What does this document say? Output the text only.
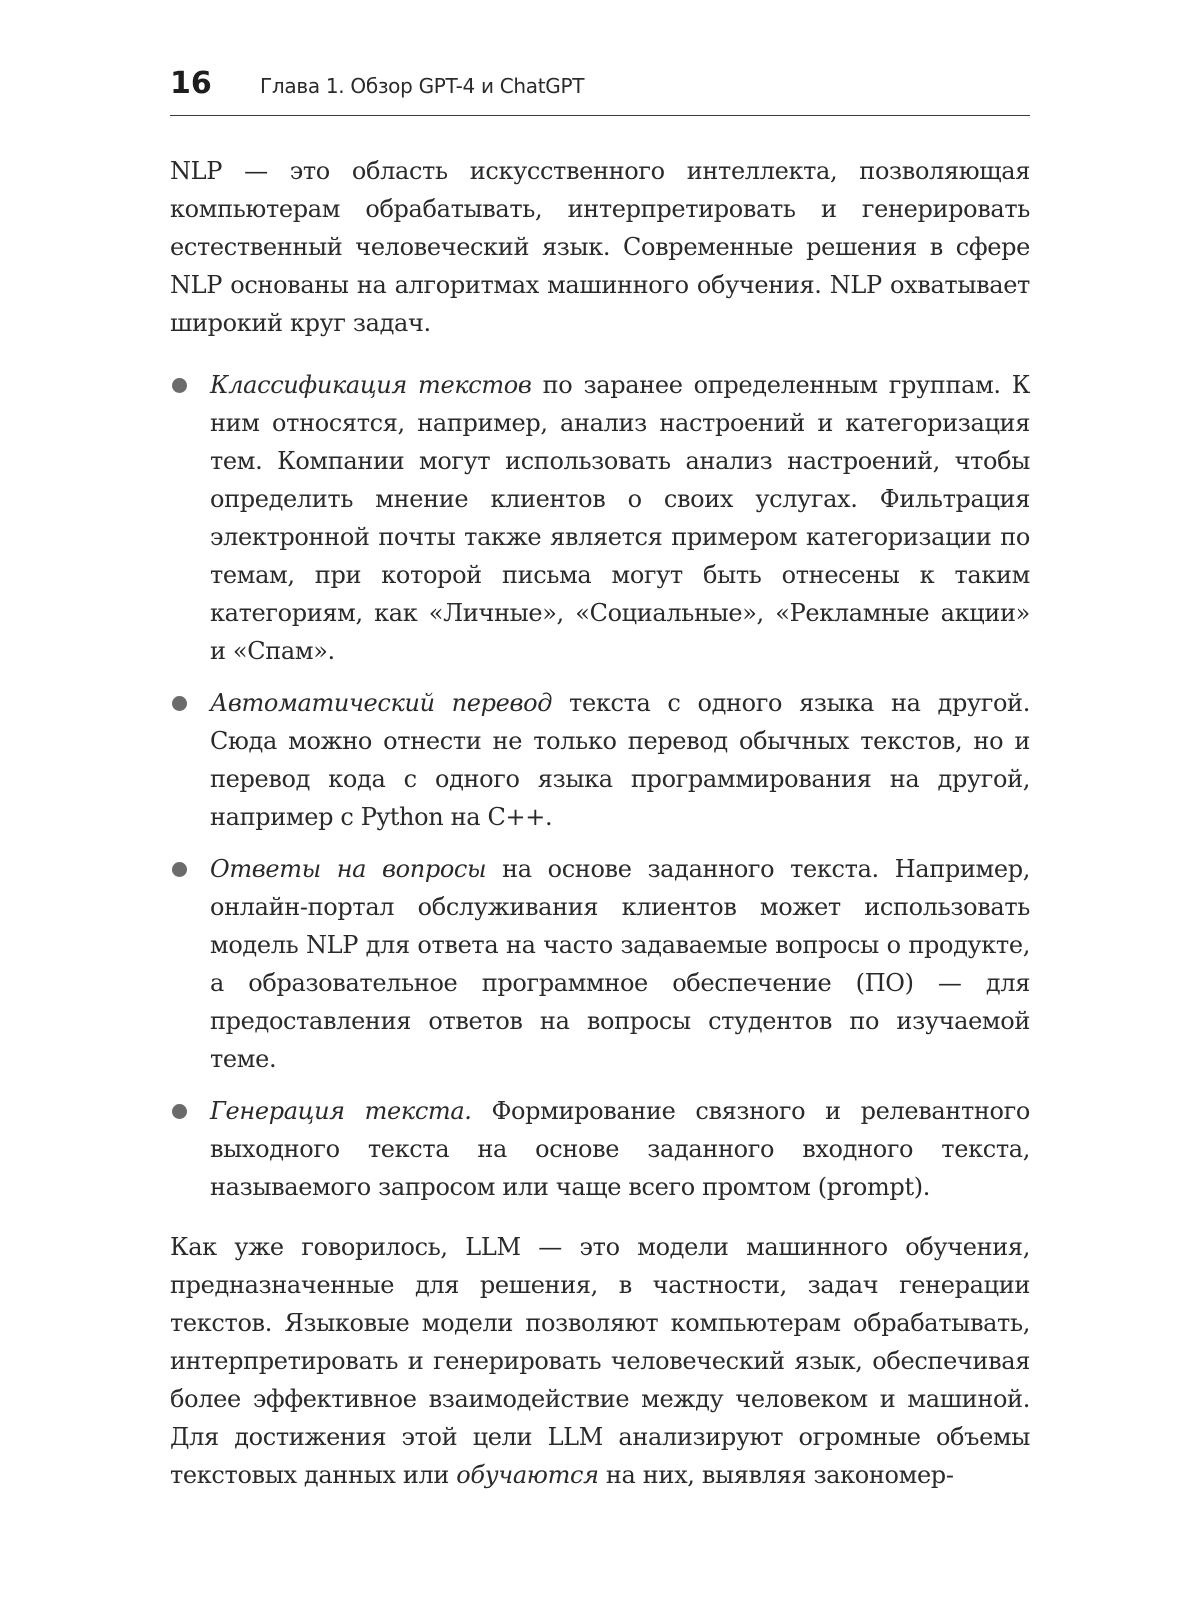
16	Глава 1. Обзор GPT-4 и ChatGPT

NLP — это область искусственного интеллекта, позволяющая компьютерам обрабатывать, интерпретировать и генерировать естественный человеческий язык. Современные решения в сфере NLP основаны на алгоритмах машинного обучения. NLP охватывает широкий круг задач.

Классификация текстов по заранее определенным группам. К ним относятся, например, анализ настроений и категоризация тем. Компании могут использовать анализ настроений, чтобы определить мнение клиентов о своих услугах. Фильтрация электронной почты также является примером категоризации по темам, при которой письма могут быть отнесены к таким категориям, как «Личные», «Социальные», «Рекламные акции» и «Спам».
Автоматический перевод текста с одного языка на другой. Сюда можно отнести не только перевод обычных текстов, но и перевод кода с одного языка программирования на другой, например с Python на C++.
Ответы на вопросы на основе заданного текста. Например, онлайн-портал обслуживания клиентов может использовать модель NLP для ответа на часто задаваемые вопросы о продукте, а образовательное программное обеспечение (ПО) — для предоставления ответов на вопросы студентов по изучаемой теме.
Генерация текста. Формирование связного и релевантного выходного текста на основе заданного входного текста, называемого запросом или чаще всего промтом (prompt).

Как уже говорилось, LLM — это модели машинного обучения, предназначенные для решения, в частности, задач генерации текстов. Языковые модели позволяют компьютерам обрабатывать, интерпретировать и генерировать человеческий язык, обеспечивая более эффективное взаимодействие между человеком и машиной. Для достижения этой цели LLM анализируют огромные объемы текстовых данных или обучаются на них, выявляя закономер-
